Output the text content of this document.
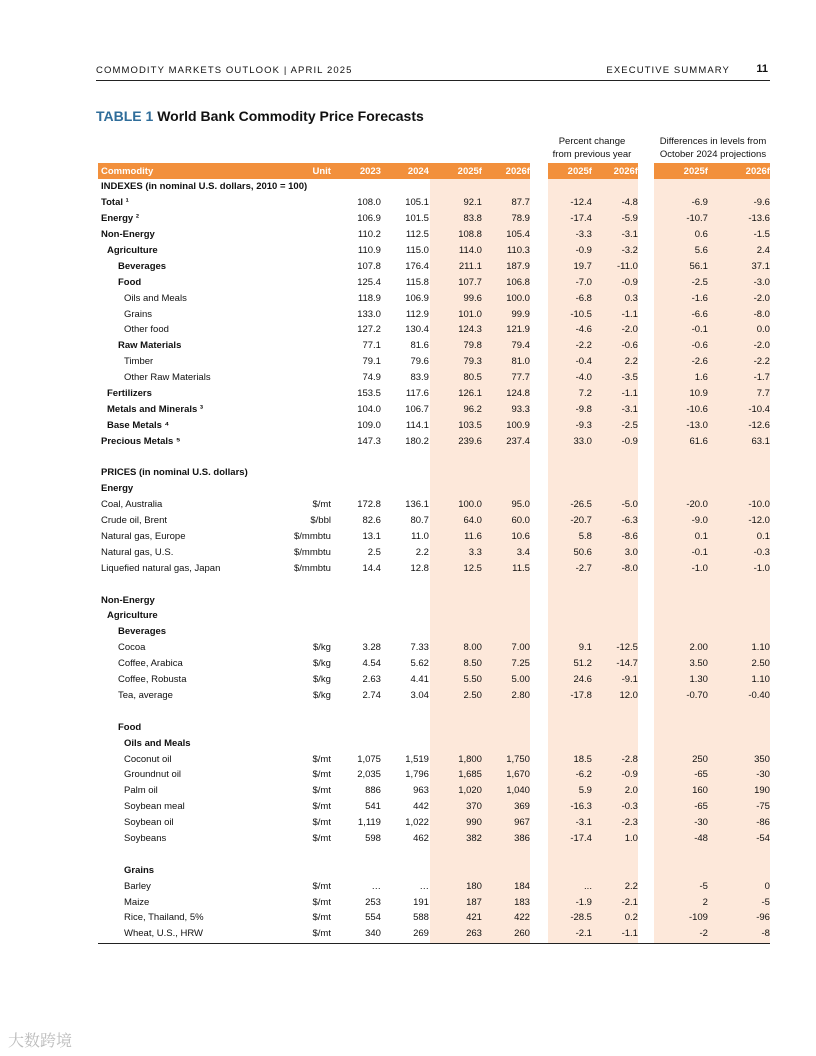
COMMODITY MARKETS OUTLOOK | APRIL 2025	EXECUTIVE SUMMARY 11
TABLE 1 World Bank Commodity Price Forecasts
Percent change
from previous year
Differences in levels from
October 2024 projections
Commodity	Unit	2023	2024	2025f	2026f		2025f	2026f		2025f	2026f
INDEXES (in nominal U.S. dollars, 2010 = 100)											
Total ¹		108.0	105.1	92.1	87.7		-12.4	-4.8		-6.9	-9.6
Energy ²		106.9	101.5	83.8	78.9		-17.4	-5.9		-10.7	-13.6
Non-Energy		110.2	112.5	108.8	105.4		-3.3	-3.1		0.6	-1.5
Agriculture		110.9	115.0	114.0	110.3		-0.9	-3.2		5.6	2.4
Beverages		107.8	176.4	211.1	187.9		19.7	-11.0		56.1	37.1
Food		125.4	115.8	107.7	106.8		-7.0	-0.9		-2.5	-3.0
Oils and Meals		118.9	106.9	99.6	100.0		-6.8	0.3		-1.6	-2.0
Grains		133.0	112.9	101.0	99.9		-10.5	-1.1		-6.6	-8.0
Other food		127.2	130.4	124.3	121.9		-4.6	-2.0		-0.1	0.0
Raw Materials		77.1	81.6	79.8	79.4		-2.2	-0.6		-0.6	-2.0
Timber		79.1	79.6	79.3	81.0		-0.4	2.2		-2.6	-2.2
Other Raw Materials		74.9	83.9	80.5	77.7		-4.0	-3.5		1.6	-1.7
Fertilizers		153.5	117.6	126.1	124.8		7.2	-1.1		10.9	7.7
Metals and Minerals ³		104.0	106.7	96.2	93.3		-9.8	-3.1		-10.6	-10.4
Base Metals ⁴		109.0	114.1	103.5	100.9		-9.3	-2.5		-13.0	-12.6
Precious Metals ⁵		147.3	180.2	239.6	237.4		33.0	-0.9		61.6	63.1

PRICES (in nominal U.S. dollars)											
Energy											
Coal, Australia	$/mt	172.8	136.1	100.0	95.0		-26.5	-5.0		-20.0	-10.0
Crude oil, Brent	$/bbl	82.6	80.7	64.0	60.0		-20.7	-6.3		-9.0	-12.0
Natural gas, Europe	$/mmbtu	13.1	11.0	11.6	10.6		5.8	-8.6		0.1	0.1
Natural gas, U.S.	$/mmbtu	2.5	2.2	3.3	3.4		50.6	3.0		-0.1	-0.3
Liquefied natural gas, Japan	$/mmbtu	14.4	12.8	12.5	11.5		-2.7	-8.0		-1.0	-1.0

Non-Energy											
Agriculture											
Beverages											
Cocoa	$/kg	3.28	7.33	8.00	7.00		9.1	-12.5		2.00	1.10
Coffee, Arabica	$/kg	4.54	5.62	8.50	7.25		51.2	-14.7		3.50	2.50
Coffee, Robusta	$/kg	2.63	4.41	5.50	5.00		24.6	-9.1		1.30	1.10
Tea, average	$/kg	2.74	3.04	2.50	2.80		-17.8	12.0		-0.70	-0.40

Food											
Oils and Meals											
Coconut oil	$/mt	1,075	1,519	1,800	1,750		18.5	-2.8		250	350
Groundnut oil	$/mt	2,035	1,796	1,685	1,670		-6.2	-0.9		-65	-30
Palm oil	$/mt	886	963	1,020	1,040		5.9	2.0		160	190
Soybean meal	$/mt	541	442	370	369		-16.3	-0.3		-65	-75
Soybean oil	$/mt	1,119	1,022	990	967		-3.1	-2.3		-30	-86
Soybeans	$/mt	598	462	382	386		-17.4	1.0		-48	-54

Grains											
Barley	$/mt	…	…	180	184		...	2.2		-5	0
Maize	$/mt	253	191	187	183		-1.9	-2.1		2	-5
Rice, Thailand, 5%	$/mt	554	588	421	422		-28.5	0.2		-109	-96
Wheat, U.S., HRW	$/mt	340	269	263	260		-2.1	-1.1		-2	-8
大数跨境
